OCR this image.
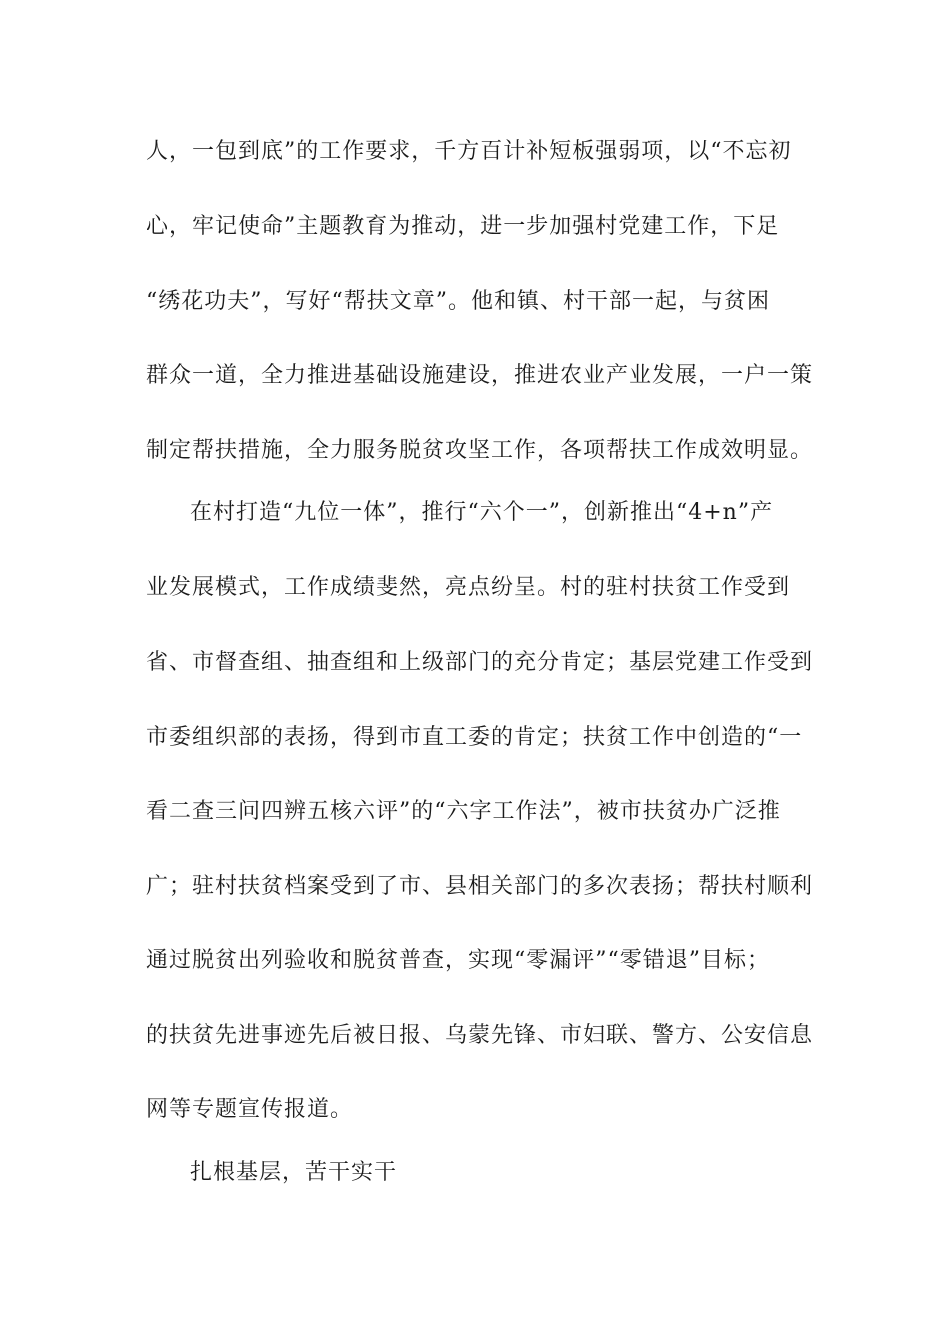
人，一包到底”的工作要求，千方百计补短板强弱项，以“不忘初
心，牢记使命”主题教育为推动，进一步加强村党建工作，下足
“绣花功夫”，写好“帮扶文章”。他和镇、村干部一起，与贫困
群众一道，全力推进基础设施建设，推进农业产业发展，一户一策
制定帮扶措施，全力服务脱贫攻坚工作，各项帮扶工作成效明显。
在村打造“九位一体”，推行“六个一”，创新推出“4+n”产
业发展模式，工作成绩斐然，亮点纷呈。村的驻村扶贫工作受到
省、市督查组、抽查组和上级部门的充分肯定；基层党建工作受到
市委组织部的表扬，得到市直工委的肯定；扶贫工作中创造的“一
看二查三问四辨五核六评”的“六字工作法”，被市扶贫办广泛推
广；驻村扶贫档案受到了市、县相关部门的多次表扬；帮扶村顺利
通过脱贫出列验收和脱贫普查，实现“零漏评”“零错退”目标；
的扶贫先进事迹先后被日报、乌蒙先锋、市妇联、警方、公安信息
网等专题宣传报道。
扎根基层，苦干实干
